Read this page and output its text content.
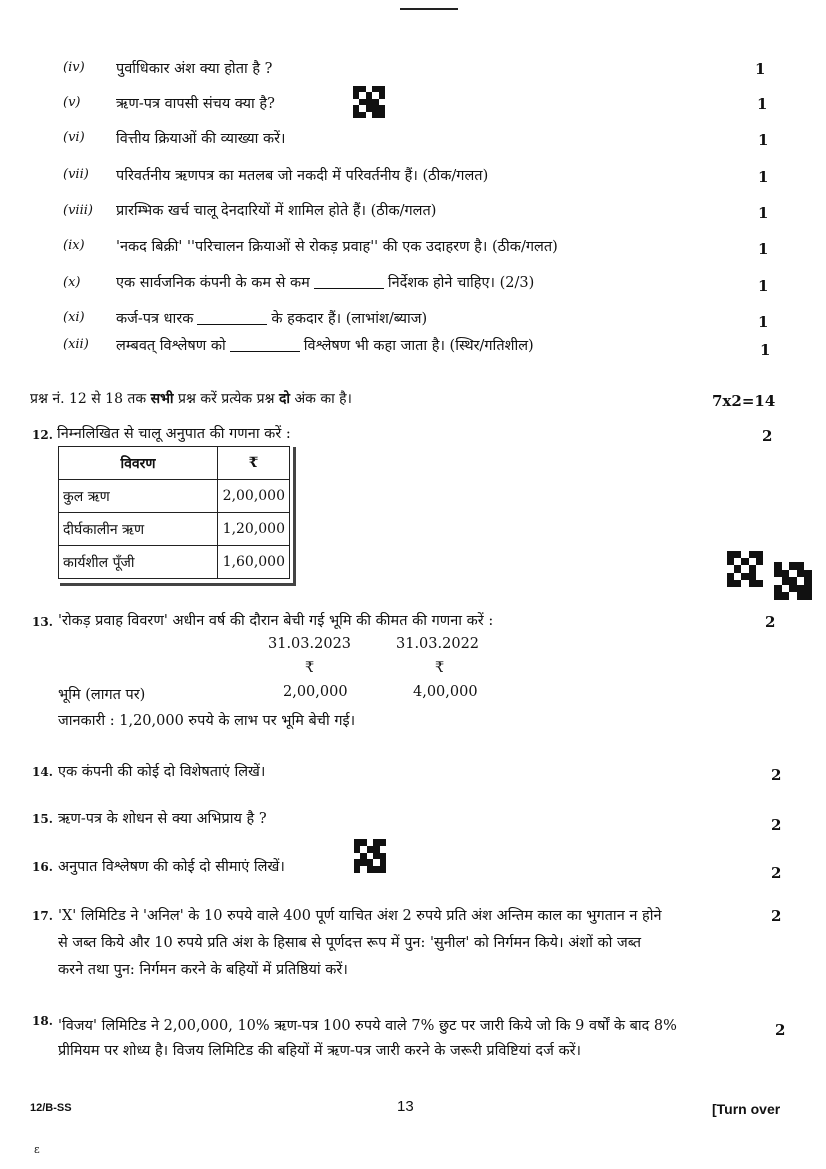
(iv) पुर्वाधिकार अंश क्या होता है ?	1
(v) ऋण-पत्र वापसी संचय क्या है?	1
(vi) वित्तीय क्रियाओं की व्याख्या करें।	1
(vii) परिवर्तनीय ऋणपत्र का मतलब जो नकदी में परिवर्तनीय हैं। (ठीक/गलत)	1
(viii) प्रारम्भिक खर्च चालू देनदारियों में शामिल होते हैं। (ठीक/गलत)	1
(ix) 'नकद बिक्री' ''परिचालन क्रियाओं से रोकड़ प्रवाह'' की एक उदाहरण है। (ठीक/गलत)	1
(x) एक सार्वजनिक कंपनी के कम से कम	निर्देशक होने चाहिए। (2/3)	1
(xi) कर्ज-पत्र धारक	के हकदार हैं। (लाभांश/ब्याज)	1
(xii) लम्बवत् विश्लेषण को	विश्लेषण भी कहा जाता है। (स्थिर/गतिशील)	1
प्रश्न नं. 12 से 18 तक सभी प्रश्न करें प्रत्येक प्रश्न दो अंक का है।	7x2=14
12. निम्नलिखित से चालू अनुपात की गणना करें :	2
विवरण	₹
कुल ऋण	2,00,000
दीर्घकालीन ऋण	1,20,000
कार्यशील पूँजी	1,60,000
13. 'रोकड़ प्रवाह विवरण' अधीन वर्ष की दौरान बेची गई भूमि की कीमत की गणना करें :	2
31.03.2023	31.03.2022
₹	₹
भूमि (लागत पर)	2,00,000	4,00,000
जानकारी : 1,20,000 रुपये के लाभ पर भूमि बेची गई।
14. एक कंपनी की कोई दो विशेषताएं लिखें।	2
15. ऋण-पत्र के शोधन से क्या अभिप्राय है ?	2
16. अनुपात विश्लेषण की कोई दो सीमाएं लिखें।	2
17. 'X' लिमिटिड ने 'अनिल' के 10 रुपये वाले 400 पूर्ण याचित अंश 2 रुपये प्रति अंश अन्तिम काल का भुगतान न होने
से जब्त किये और 10 रुपये प्रति अंश के हिसाब से पूर्णदत्त रूप में पुन: 'सुनील' को निर्गमन किये। अंशों को जब्त
करने तथा पुन: निर्गमन करने के बहियों में प्रतिष्ठियां करें।
2
18. 'विजय' लिमिटिड ने 2,00,000, 10% ऋण-पत्र 100 रुपये वाले 7% छुट पर जारी किये जो कि 9 वर्षों के बाद 8%
प्रीमियम पर शोध्य है। विजय लिमिटिड की बहियों में ऋण-पत्र जारी करने के जरूरी प्रविष्टियां दर्ज करें।
2
12/B-SS	13	[Turn over
ε
